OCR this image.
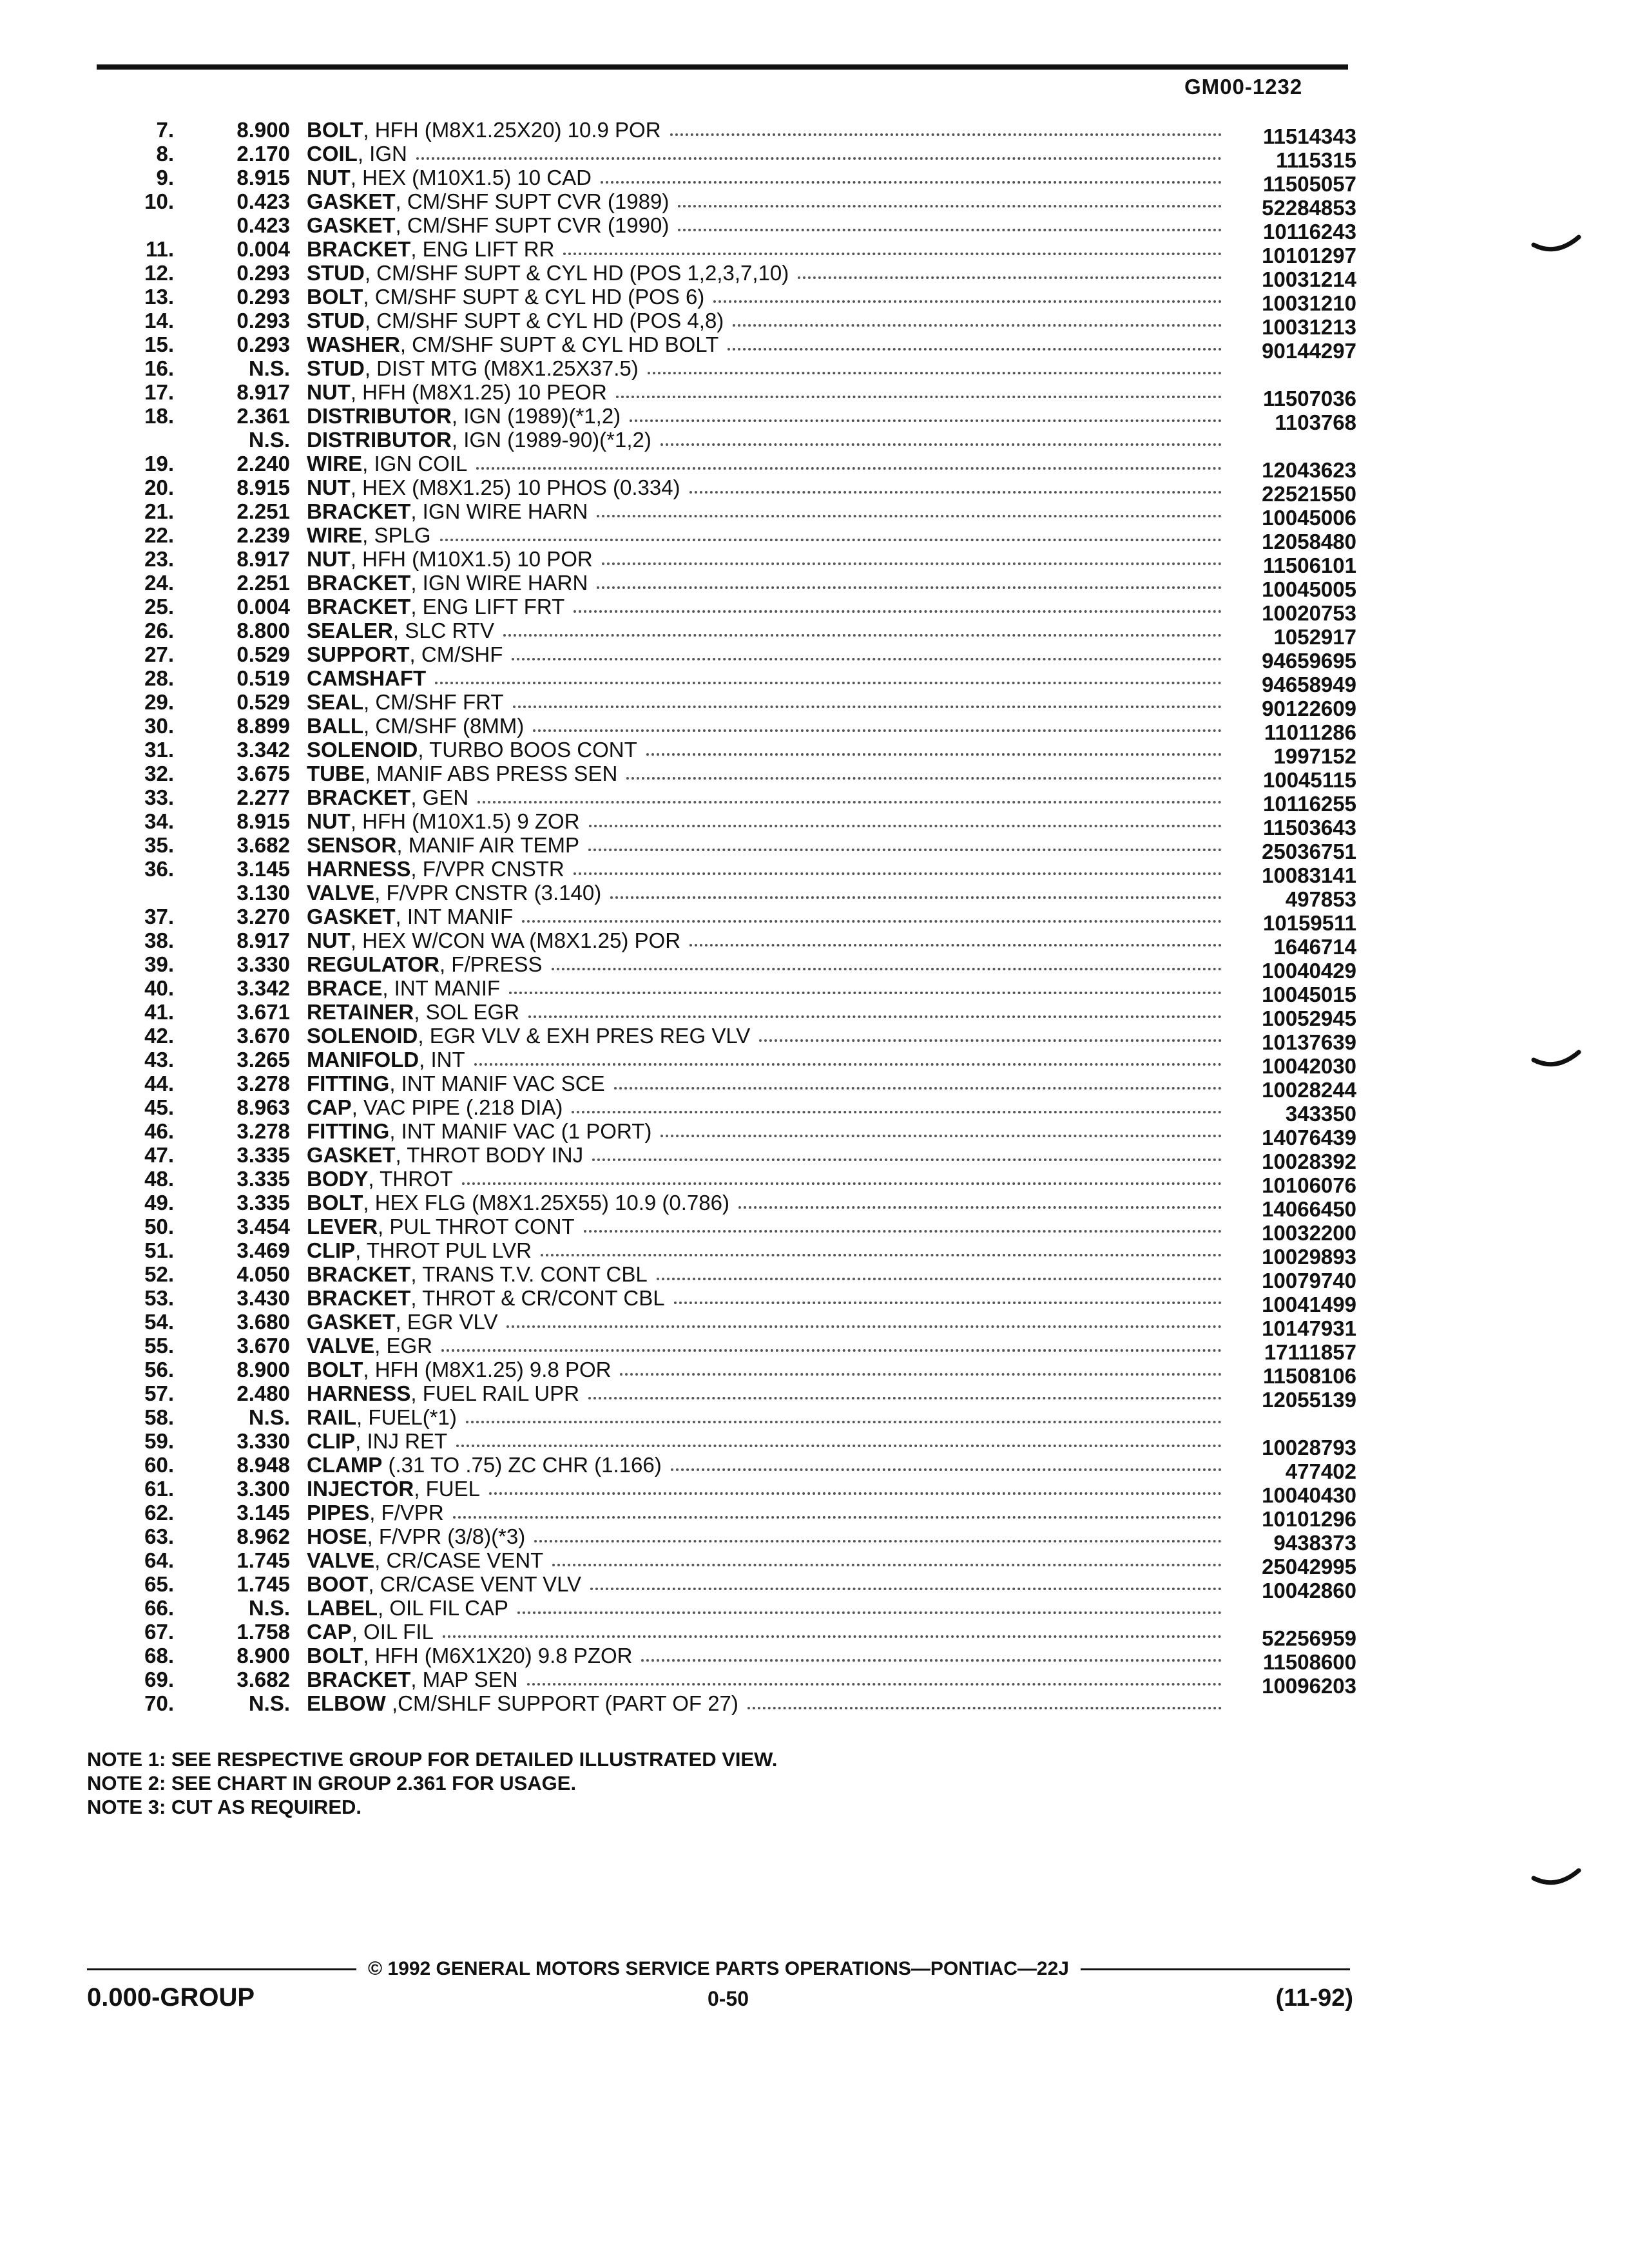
GM00-1232
7.	8.900 BOLT, HFH (M8X1.25X20) 10.9 POR	11514343
8.	2.170 COIL, IGN	1115315
9.	8.915 NUT, HEX (M10X1.5) 10 CAD	11505057
10.	0.423 GASKET, CM/SHF SUPT CVR (1989)	52284853
0.423 GASKET, CM/SHF SUPT CVR (1990)	10116243
11.	0.004 BRACKET, ENG LIFT RR	10101297
12.	0.293 STUD, CM/SHF SUPT & CYL HD (POS 1,2,3,7,10)	10031214
13.	0.293 BOLT, CM/SHF SUPT & CYL HD (POS 6)	10031210
14.	0.293 STUD, CM/SHF SUPT & CYL HD (POS 4,8)	10031213
15.	0.293 WASHER, CM/SHF SUPT & CYL HD BOLT	90144297
16.	N.S. STUD, DIST MTG (M8X1.25X37.5)
17.	8.917 NUT, HFH (M8X1.25) 10 PEOR	11507036
18.	2.361 DISTRIBUTOR, IGN (1989)(*1,2)	1103768
N.S. DISTRIBUTOR, IGN (1989-90)(*1,2)
19.	2.240 WIRE, IGN COIL	12043623
20.	8.915 NUT, HEX (M8X1.25) 10 PHOS (0.334)	22521550
21.	2.251 BRACKET, IGN WIRE HARN	10045006
22.	2.239 WIRE, SPLG	12058480
23.	8.917 NUT, HFH (M10X1.5) 10 POR	11506101
24.	2.251 BRACKET, IGN WIRE HARN	10045005
25.	0.004 BRACKET, ENG LIFT FRT	10020753
26.	8.800 SEALER, SLC RTV	1052917
27.	0.529 SUPPORT, CM/SHF	94659695
28.	0.519 CAMSHAFT	94658949
29.	0.529 SEAL, CM/SHF FRT	90122609
30.	8.899 BALL, CM/SHF (8MM)	11011286
31.	3.342 SOLENOID, TURBO BOOS CONT	1997152
32.	3.675 TUBE, MANIF ABS PRESS SEN	10045115
33.	2.277 BRACKET, GEN	10116255
34.	8.915 NUT, HFH (M10X1.5) 9 ZOR	11503643
35.	3.682 SENSOR, MANIF AIR TEMP	25036751
36.	3.145 HARNESS, F/VPR CNSTR	10083141
3.130 VALVE, F/VPR CNSTR (3.140)	497853
37.	3.270 GASKET, INT MANIF	10159511
38.	8.917 NUT, HEX W/CON WA (M8X1.25) POR	1646714
39.	3.330 REGULATOR, F/PRESS	10040429
40.	3.342 BRACE, INT MANIF	10045015
41.	3.671 RETAINER, SOL EGR	10052945
42.	3.670 SOLENOID, EGR VLV & EXH PRES REG VLV	10137639
43.	3.265 MANIFOLD, INT	10042030
44.	3.278 FITTING, INT MANIF VAC SCE	10028244
45.	8.963 CAP, VAC PIPE (.218 DIA)	343350
46.	3.278 FITTING, INT MANIF VAC (1 PORT)	14076439
47.	3.335 GASKET, THROT BODY INJ	10028392
48.	3.335 BODY, THROT	10106076
49.	3.335 BOLT, HEX FLG (M8X1.25X55) 10.9 (0.786)	14066450
50.	3.454 LEVER, PUL THROT CONT	10032200
51.	3.469 CLIP, THROT PUL LVR	10029893
52.	4.050 BRACKET, TRANS T.V. CONT CBL	10079740
53.	3.430 BRACKET, THROT & CR/CONT CBL	10041499
54.	3.680 GASKET, EGR VLV	10147931
55.	3.670 VALVE, EGR	17111857
56.	8.900 BOLT, HFH (M8X1.25) 9.8 POR	11508106
57.	2.480 HARNESS, FUEL RAIL UPR	12055139
58.	N.S. RAIL, FUEL(*1)
59.	3.330 CLIP, INJ RET	10028793
60.	8.948 CLAMP (.31 TO .75) ZC CHR (1.166)	477402
61.	3.300 INJECTOR, FUEL	10040430
62.	3.145 PIPES, F/VPR	10101296
63.	8.962 HOSE, F/VPR (3/8)(*3)	9438373
64.	1.745 VALVE, CR/CASE VENT	25042995
65.	1.745 BOOT, CR/CASE VENT VLV	10042860
66.	N.S. LABEL, OIL FIL CAP
67.	1.758 CAP, OIL FIL	52256959
68.	8.900 BOLT, HFH (M6X1X20) 9.8 PZOR	11508600
69.	3.682 BRACKET, MAP SEN	10096203
70.	N.S. ELBOW ,CM/SHLF SUPPORT (PART OF 27)
NOTE 1: SEE RESPECTIVE GROUP FOR DETAILED ILLUSTRATED VIEW.
NOTE 2: SEE CHART IN GROUP 2.361 FOR USAGE.
NOTE 3: CUT AS REQUIRED.
© 1992 GENERAL MOTORS SERVICE PARTS OPERATIONS—PONTIAC—22J
0.000-GROUP	0-50	(11-92)
